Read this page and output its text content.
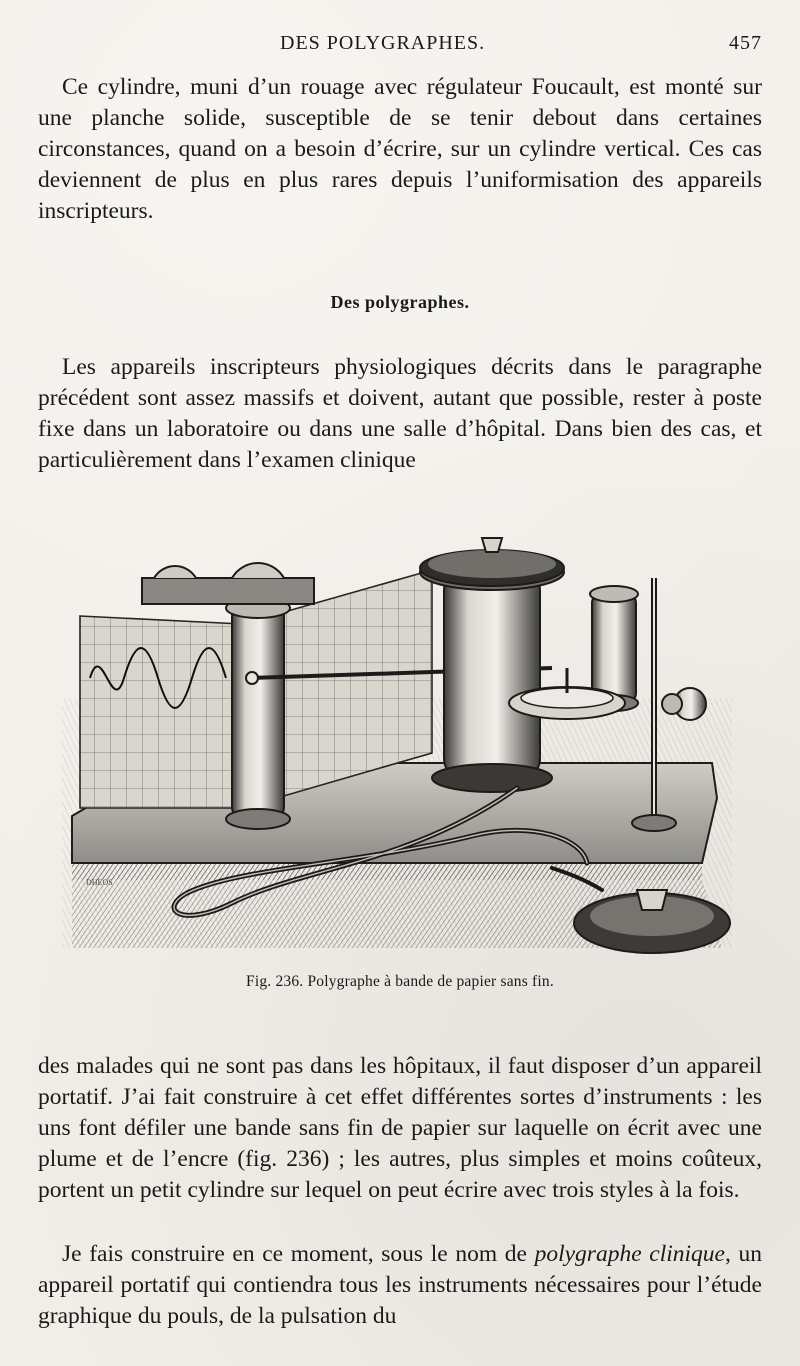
DES POLYGRAPHES.	457

Ce cylindre, muni d’un rouage avec régulateur Foucault, est monté sur une planche solide, susceptible de se tenir debout dans certaines circonstances, quand on a besoin d’écrire, sur un cylindre vertical. Ces cas deviennent de plus en plus rares depuis l’uniformisation des appareils inscripteurs.

Des polygraphes.

Les appareils inscripteurs physiologiques décrits dans le paragraphe précédent sont assez massifs et doivent, autant que possible, rester à poste fixe dans un laboratoire ou dans une salle d’hôpital. Dans bien des cas, et particulièrement dans l’examen clinique

Fig. 236. Polygraphe à bande de papier sans fin.

des malades qui ne sont pas dans les hôpitaux, il faut disposer d’un appareil portatif. J’ai fait construire à cet effet différentes sortes d’instruments : les uns font défiler une bande sans fin de papier sur laquelle on écrit avec une plume et de l’encre (fig. 236) ; les autres, plus simples et moins coûteux, portent un petit cylindre sur lequel on peut écrire avec trois styles à la fois.

Je fais construire en ce moment, sous le nom de polygraphe clinique, un appareil portatif qui contiendra tous les instruments nécessaires pour l’étude graphique du pouls, de la pulsation du
